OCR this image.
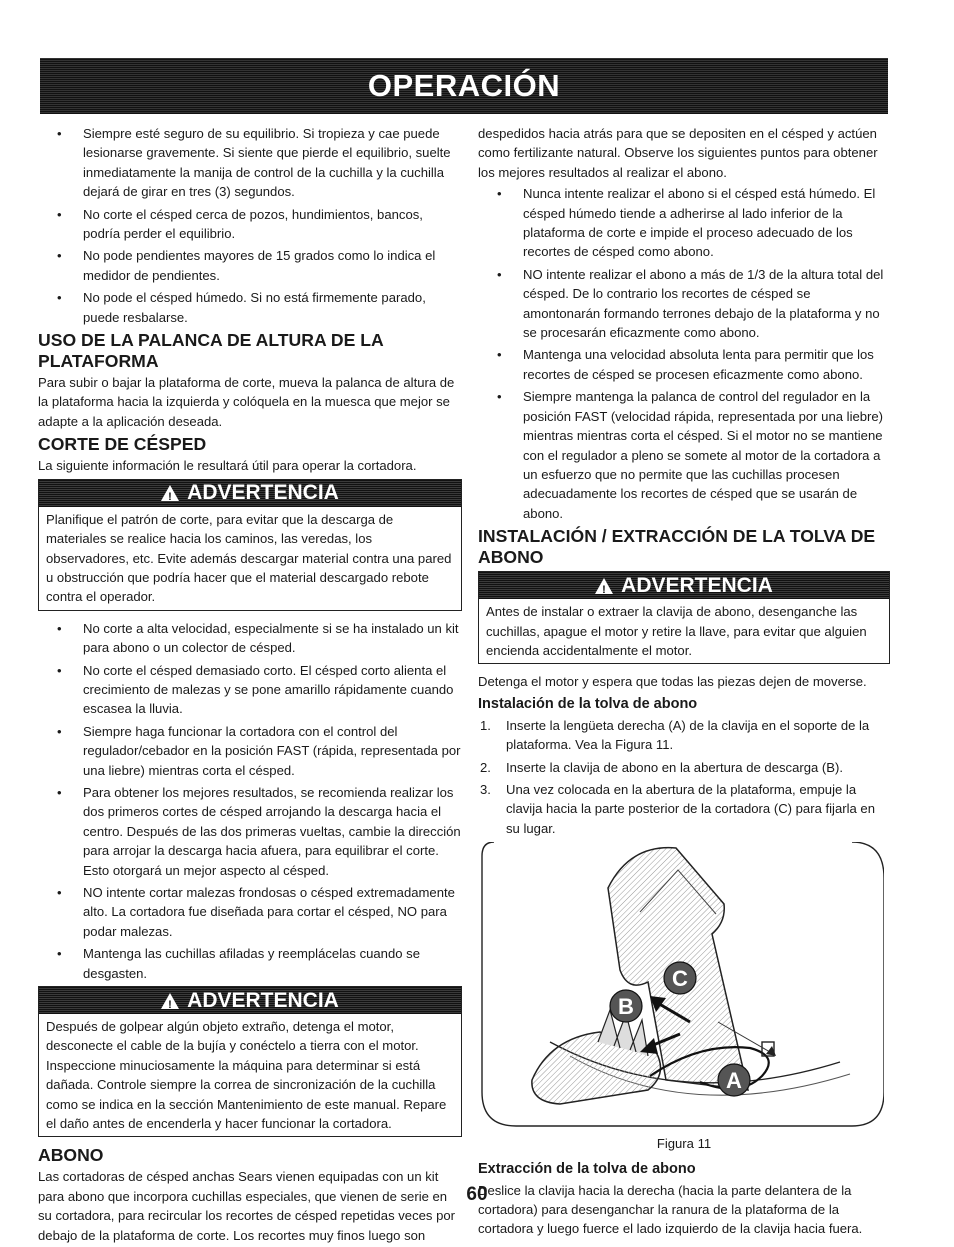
OPERACIÓN
• Siempre esté seguro de su equilibrio. Si tropieza y cae puede lesionarse gravemente. Si siente que pierde el equilibrio, suelte inmediatamente la manija de control de la cuchilla y la cuchilla dejará de girar en tres (3) segundos.
• No corte el césped cerca de pozos, hundimientos, bancos, podría perder el equilibrio.
• No pode pendientes mayores de 15 grados como lo indica el medidor de pendientes.
• No pode el césped húmedo. Si no está firmemente parado, puede resbalarse.
USO DE LA PALANCA DE ALTURA DE LA PLATAFORMA

Para subir o bajar la plataforma de corte, mueva la palanca de altura de la plataforma hacia la izquierda y colóquela en la muesca que mejor se adapte a la aplicación deseada.

CORTE DE CÉSPED

La siguiente información le resultará útil para operar la cortadora.

! ADVERTENCIA
Planifique el patrón de corte, para evitar que la descarga de materiales se realice hacia los caminos, las veredas, los observadores, etc. Evite además descargar material contra una pared u obstrucción que podría hacer que el material descargado rebote contra el operador.
• No corte a alta velocidad, especialmente si se ha instalado un kit para abono o un colector de césped.
• No corte el césped demasiado corto. El césped corto alienta el crecimiento de malezas y se pone amarillo rápidamente cuando escasea la lluvia.
• Siempre haga funcionar la cortadora con el control del regulador/cebador en la posición FAST (rápida, representada por una liebre) mientras corta el césped.
• Para obtener los mejores resultados, se recomienda realizar los dos primeros cortes de césped arrojando la descarga hacia el centro. Después de las dos primeras vueltas, cambie la dirección para arrojar la descarga hacia afuera, para equilibrar el corte. Esto otorgará un mejor aspecto al césped.
• NO intente cortar malezas frondosas o césped extremadamente alto. La cortadora fue diseñada para cortar el césped, NO para podar malezas.
• Mantenga las cuchillas afiladas y reemplácelas cuando se desgasten.
! ADVERTENCIA
Después de golpear algún objeto extraño, detenga el motor, desconecte el cable de la bujía y conéctelo a tierra con el motor. Inspeccione minuciosamente la máquina para determinar si está dañada. Controle siempre la correa de sincronización de la cuchilla como se indica en la sección Mantenimiento de este manual. Repare el daño antes de encenderla y hacer funcionar la cortadora.
ABONO

Las cortadoras de césped anchas Sears vienen equipadas con un kit para abono que incorpora cuchillas especiales, que vienen de serie en su cortadora, para recircular los recortes de césped repetidas veces por debajo de la plataforma de corte. Los recortes muy finos luego son

despedidos hacia atrás para que se depositen en el césped y actúen como fertilizante natural. Observe los siguientes puntos para obtener los mejores resultados al realizar el abono.

• Nunca intente realizar el abono si el césped está húmedo. El césped húmedo tiende a adherirse al lado inferior de la plataforma de corte e impide el proceso adecuado de los recortes de césped como abono.
• NO intente realizar el abono a más de 1/3 de la altura total del césped. De lo contrario los recortes de césped se amontonarán formando terrones debajo de la plataforma y no se procesarán eficazmente como abono.
• Mantenga una velocidad absoluta lenta para permitir que los recortes de césped se procesen eficazmente como abono.
• Siempre mantenga la palanca de control del regulador en la posición FAST (velocidad rápida, representada por una liebre) mientras mientras corta el césped. Si el motor no se mantiene con el regulador a pleno se somete al motor de la cortadora a un esfuerzo que no permite que las cuchillas procesen adecuadamente los recortes de césped que se usarán de abono.
INSTALACIÓN / EXTRACCIÓN DE LA TOLVA DE ABONO
! ADVERTENCIA
Antes de instalar o extraer la clavija de abono, desenganche las cuchillas, apague el motor y retire la llave, para evitar que alguien encienda accidentalmente el motor.

Detenga el motor y espera que todas las piezas dejen de moverse.

Instalación de la tolva de abono
1. Inserte la lengüeta derecha (A) de la clavija en el soporte de la plataforma. Vea la Figura 11.
2. Inserte la clavija de abono en la abertura de descarga (B).
3. Una vez colocada en la abertura de la plataforma, empuje la clavija hacia la parte posterior de la cortadora (C) para fijarla en su lugar.
C
B
A
Figura 11
Extracción de la tolva de abono

Deslice la clavija hacia la derecha (hacia la parte delantera de la cortadora) para desenganchar la ranura de la plataforma de la cortadora y luego fuerce el lado izquierdo de la clavija hacia fuera.

60
